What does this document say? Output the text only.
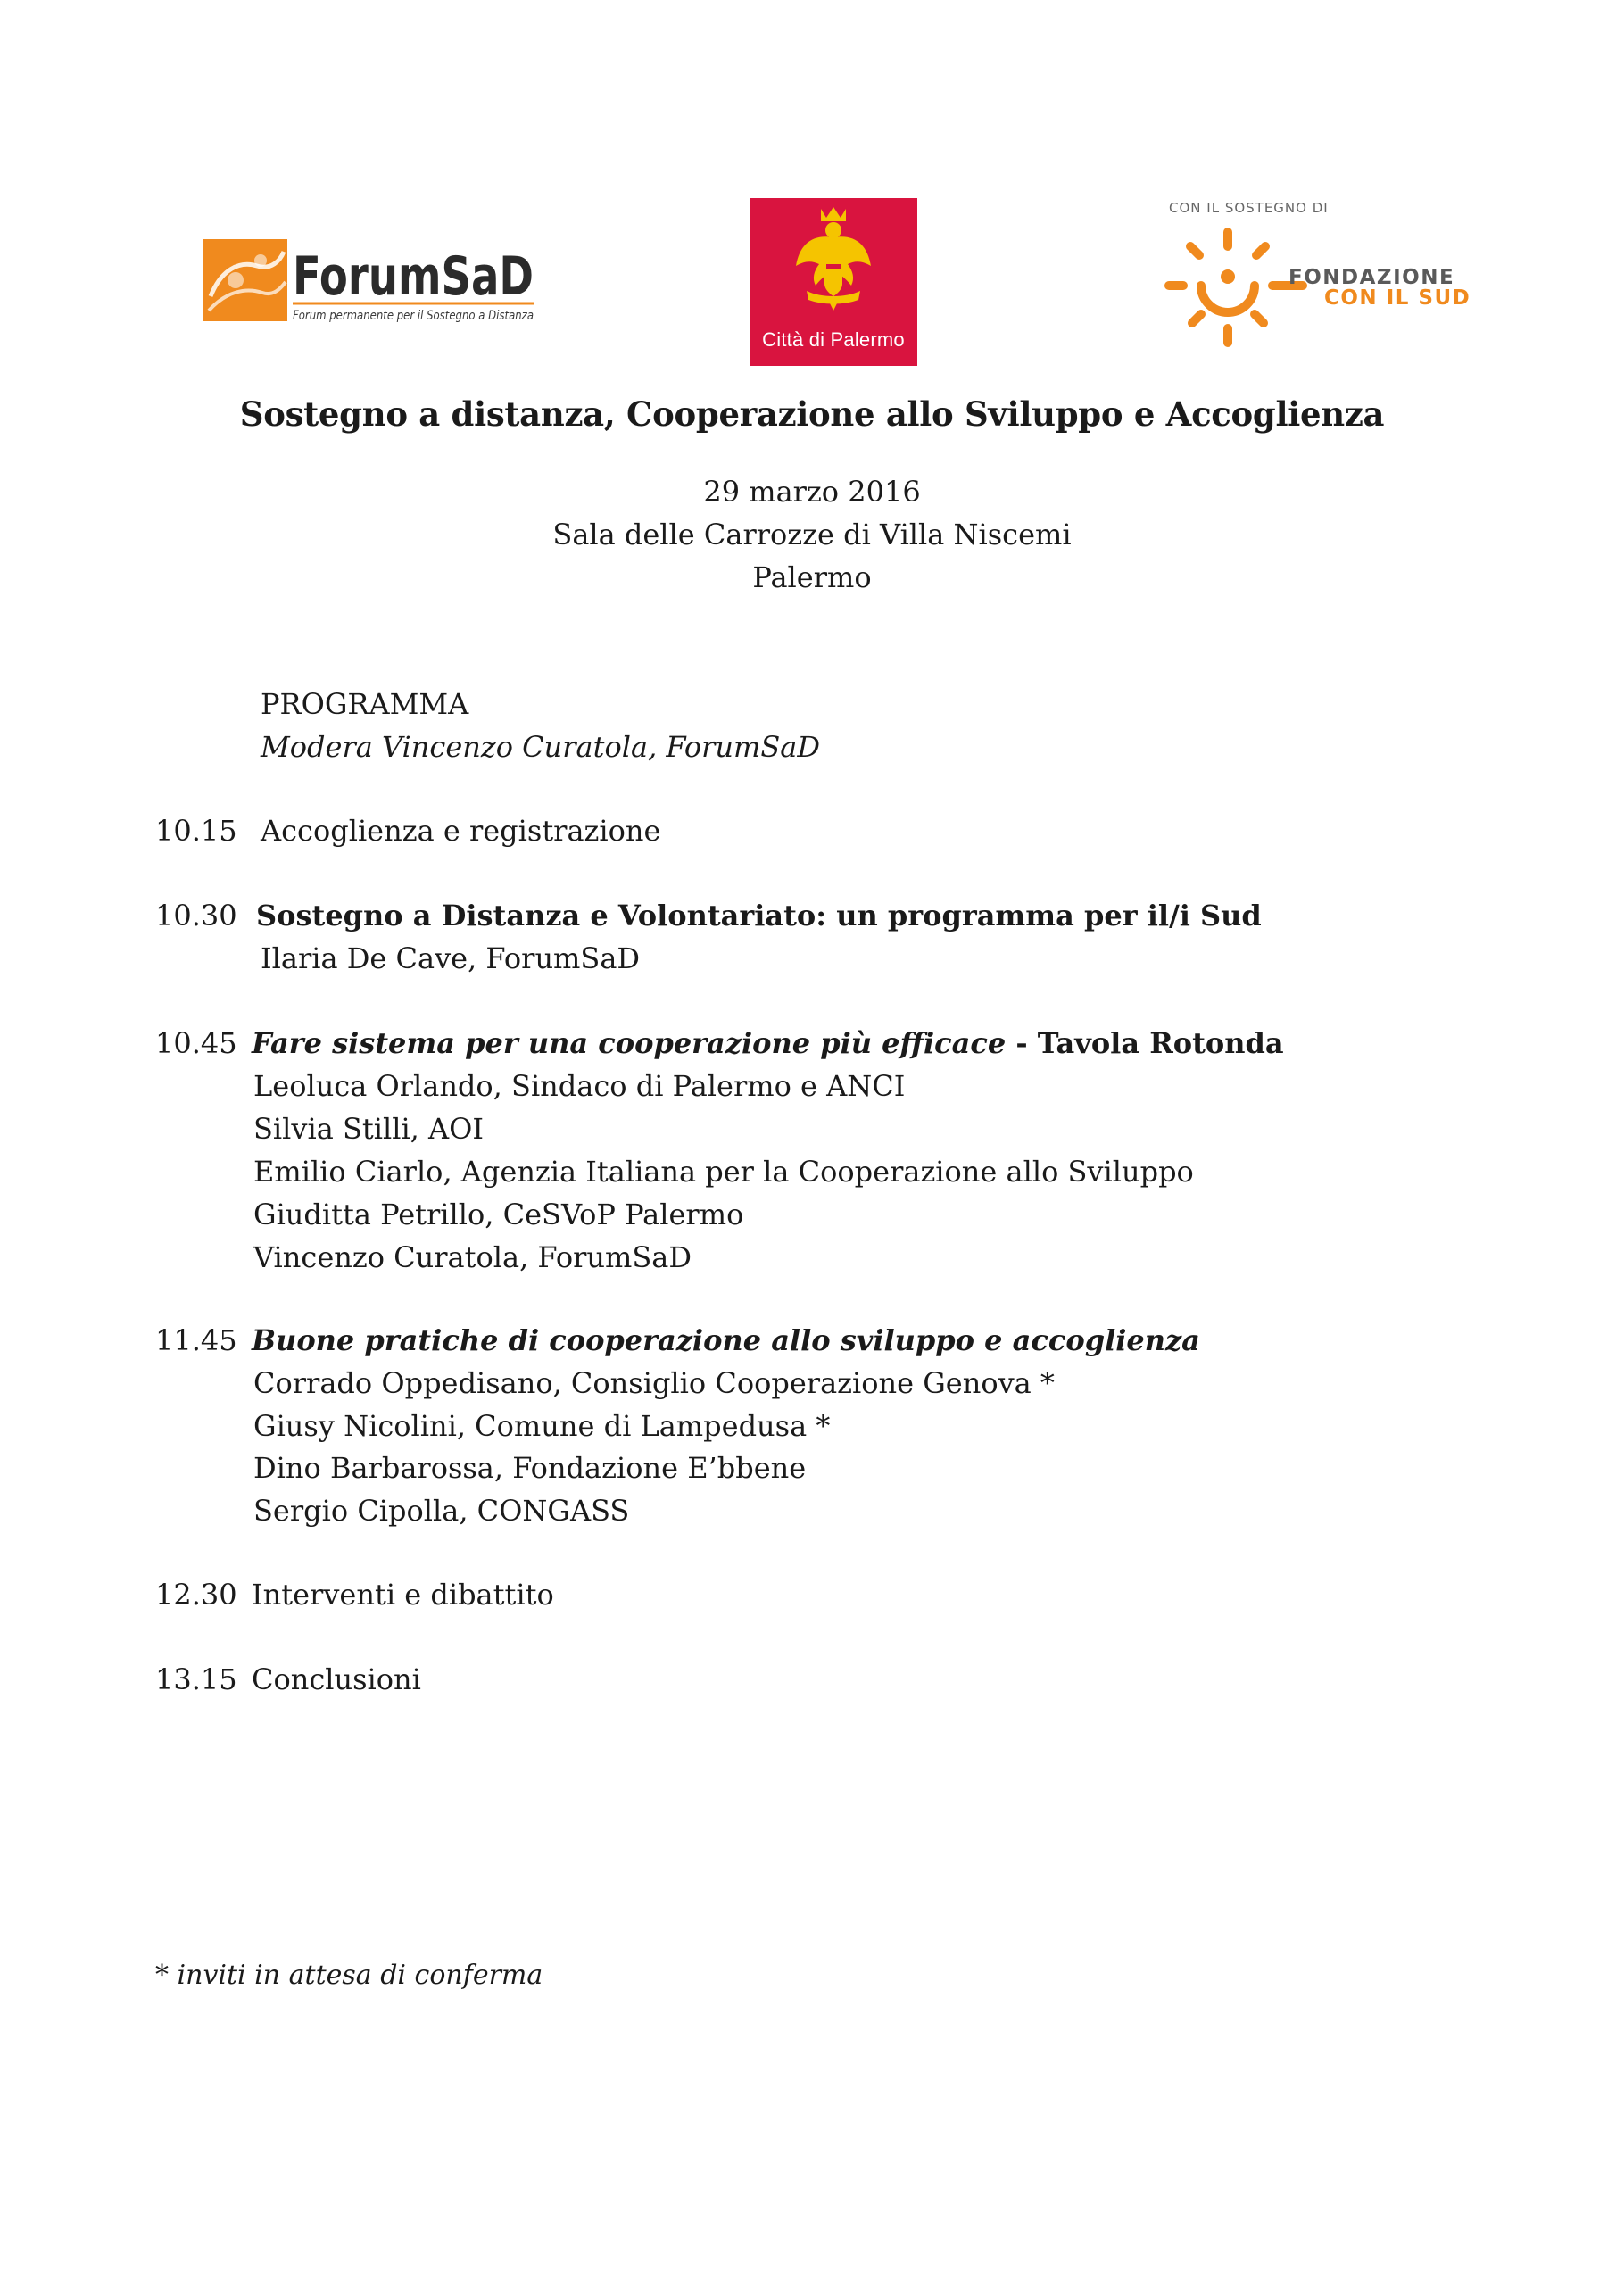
ForumSaD
Forum permanente per il Sostegno a Distanza
Città di Palermo
CON IL SOSTEGNO DI
FONDAZIONE
CON IL SUD
Sostegno a distanza, Cooperazione allo Sviluppo e Accoglienza
29 marzo 2016
Sala delle Carrozze di Villa Niscemi
Palermo
PROGRAMMA
Modera Vincenzo Curatola, ForumSaD
10.15 Accoglienza e registrazione
10.30 Sostegno a Distanza e Volontariato: un programma per il/i Sud
Ilaria De Cave, ForumSaD
10.45 Fare sistema per una cooperazione più efficace - Tavola Rotonda
Leoluca Orlando, Sindaco di Palermo e ANCI
Silvia Stilli, AOI
Emilio Ciarlo, Agenzia Italiana per la Cooperazione allo Sviluppo
Giuditta Petrillo, CeSVoP Palermo
Vincenzo Curatola, ForumSaD
11.45 Buone pratiche di cooperazione allo sviluppo e accoglienza
Corrado Oppedisano, Consiglio Cooperazione Genova *
Giusy Nicolini, Comune di Lampedusa *
Dino Barbarossa, Fondazione E’bbene
Sergio Cipolla, CONGASS
12.30 Interventi e dibattito
13.15 Conclusioni
* inviti in attesa di conferma
